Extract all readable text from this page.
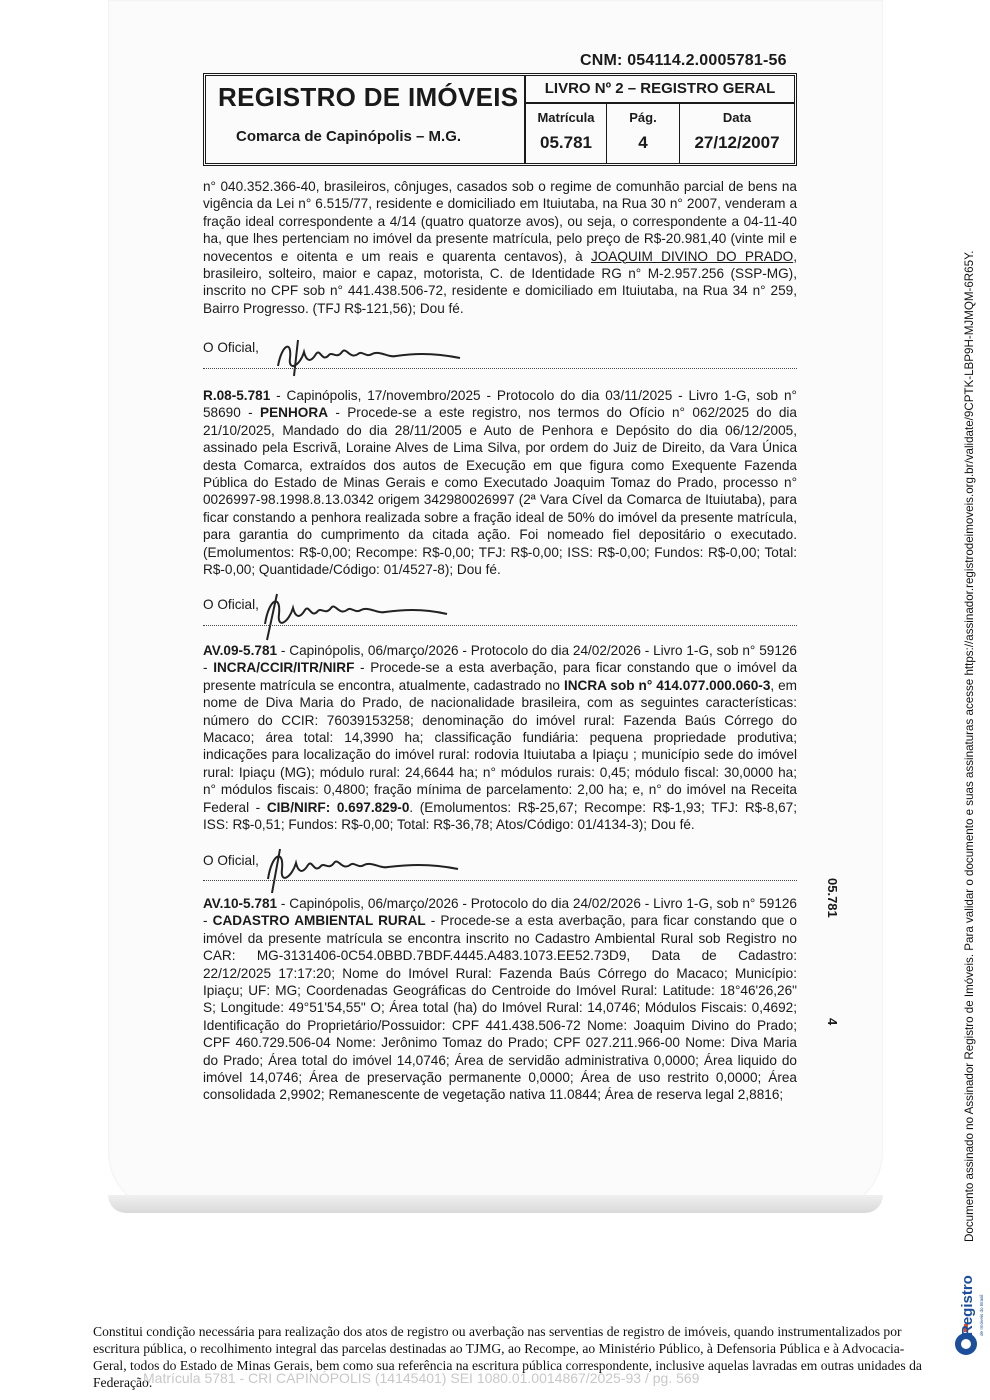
CNM: 054114.2.0005781-56
REGISTRO DE IMÓVEIS
Comarca de Capinópolis – M.G.
LIVRO Nº 2 – REGISTRO GERAL
Matrícula
05.781
Pág.
4
Data
27/12/2007

n° 040.352.366-40, brasileiros, cônjuges, casados sob o regime de comunhão parcial de bens na vigência da Lei n° 6.515/77, residente e domiciliado em Ituiutaba, na Rua 30 n° 2007, venderam a fração ideal correspondente a 4/14 (quatro quatorze avos), ou seja, o correspondente a 04-11-40 ha, que lhes pertenciam no imóvel da presente matrícula, pelo preço de R$-20.981,40 (vinte mil e novecentos e oitenta e um reais e quarenta centavos), à JOAQUIM DIVINO DO PRADO, brasileiro, solteiro, maior e capaz, motorista, C. de Identidade RG n° M-2.957.256 (SSP-MG), inscrito no CPF sob n° 441.438.506-72, residente e domiciliado em Ituiutaba, na Rua 34 n° 259, Bairro Progresso. (TFJ R$-121,56); Dou fé.

O Oficial,

R.08-5.781 - Capinópolis, 17/novembro/2025 - Protocolo do dia 03/11/2025 - Livro 1-G, sob n° 58690 - PENHORA - Procede-se a este registro, nos termos do Ofício n° 062/2025 do dia 21/10/2025, Mandado do dia 28/11/2005 e Auto de Penhora e Depósito do dia 06/12/2005, assinado pela Escrivã, Loraine Alves de Lima Silva, por ordem do Juiz de Direito, da Vara Única desta Comarca, extraídos dos autos de Execução em que figura como Exequente Fazenda Pública do Estado de Minas Gerais e como Executado Joaquim Tomaz do Prado, processo n° 0026997-98.1998.8.13.0342 origem 342980026997 (2ª Vara Cível da Comarca de Ituiutaba), para ficar constando a penhora realizada sobre a fração ideal de 50% do imóvel da presente matrícula, para garantia do cumprimento da citada ação. Foi nomeado fiel depositário o executado. (Emolumentos: R$-0,00; Recompe: R$-0,00; TFJ: R$-0,00; ISS: R$-0,00; Fundos: R$-0,00; Total: R$-0,00; Quantidade/Código: 01/4527-8); Dou fé.

O Oficial,

AV.09-5.781 - Capinópolis, 06/março/2026 - Protocolo do dia 24/02/2026 - Livro 1-G, sob n° 59126 - INCRA/CCIR/ITR/NIRF - Procede-se a esta averbação, para ficar constando que o imóvel da presente matrícula se encontra, atualmente, cadastrado no INCRA sob n° 414.077.000.060-3, em nome de Diva Maria do Prado, de nacionalidade brasileira, com as seguintes características: número do CCIR: 76039153258; denominação do imóvel rural: Fazenda Baús Córrego do Macaco; área total: 14,3990 ha; classificação fundiária: pequena propriedade produtiva; indicações para localização do imóvel rural: rodovia Ituiutaba a Ipiaçu ; município sede do imóvel rural: Ipiaçu (MG); módulo rural: 24,6644 ha; n° módulos rurais: 0,45; módulo fiscal: 30,0000 ha; n° módulos fiscais: 0,4800; fração mínima de parcelamento: 2,00 ha; e, n° do imóvel na Receita Federal - CIB/NIRF: 0.697.829-0. (Emolumentos: R$-25,67; Recompe: R$-1,93; TFJ: R$-8,67; ISS: R$-0,51; Fundos: R$-0,00; Total: R$-36,78; Atos/Código: 01/4134-3); Dou fé.

O Oficial,

AV.10-5.781 - Capinópolis, 06/março/2026 - Protocolo do dia 24/02/2026 - Livro 1-G, sob n° 59126 - CADASTRO AMBIENTAL RURAL - Procede-se a esta averbação, para ficar constando que o imóvel da presente matrícula se encontra inscrito no Cadastro Ambiental Rural sob Registro no CAR: MG-3131406-0C54.0BBD.7BDF.4445.A483.1073.EE52.73D9, Data de Cadastro: 22/12/2025 17:17:20; Nome do Imóvel Rural: Fazenda Baús Córrego do Macaco; Município: Ipiaçu; UF: MG; Coordenadas Geográficas do Centroide do Imóvel Rural: Latitude: 18°46'26,26" S; Longitude: 49°51'54,55" O; Área total (ha) do Imóvel Rural: 14,0746; Módulos Fiscais: 0,4692; Identificação do Proprietário/Possuidor: CPF 441.438.506-72 Nome: Joaquim Divino do Prado; CPF 460.729.506-04 Nome: Jerônimo Tomaz do Prado; CPF 027.211.966-00 Nome: Diva Maria do Prado; Área total do imóvel 14,0746; Área de servidão administrativa 0,0000; Área liquido do imóvel 14,0746; Área de preservação permanente 0,0000; Área de uso restrito 0,0000; Área consolidada 2,9902; Remanescente de vegetação nativa 11.0844; Área de reserva legal 2,8816;

05.781
4	Documento assinado no Assinador Registro de Imóveis. Para validar o documento e suas assinaturas acesse https://assinador.registrodeimoveis.org.br/validate/9CPTK-LBP9H-MJMQM-6R65Y.
Registro de Imóveis do Brasil
Constitui condição necessária para realização dos atos de registro ou averbação nas serventias de registro de imóveis, quando instrumentalizados por escritura pública, o recolhimento integral das parcelas destinadas ao TJMG, ao Recompe, ao Ministério Público, à Defensoria Pública e à Advocacia-Geral, todos do Estado de Minas Gerais, bem como sua referência na escritura pública correspondente, inclusive aquelas lavradas em outras unidades da Federação.
Matrícula 5781 - CRI CAPINÓPOLIS (14145401) SEI 1080.01.0014867/2025-93 / pg. 569
